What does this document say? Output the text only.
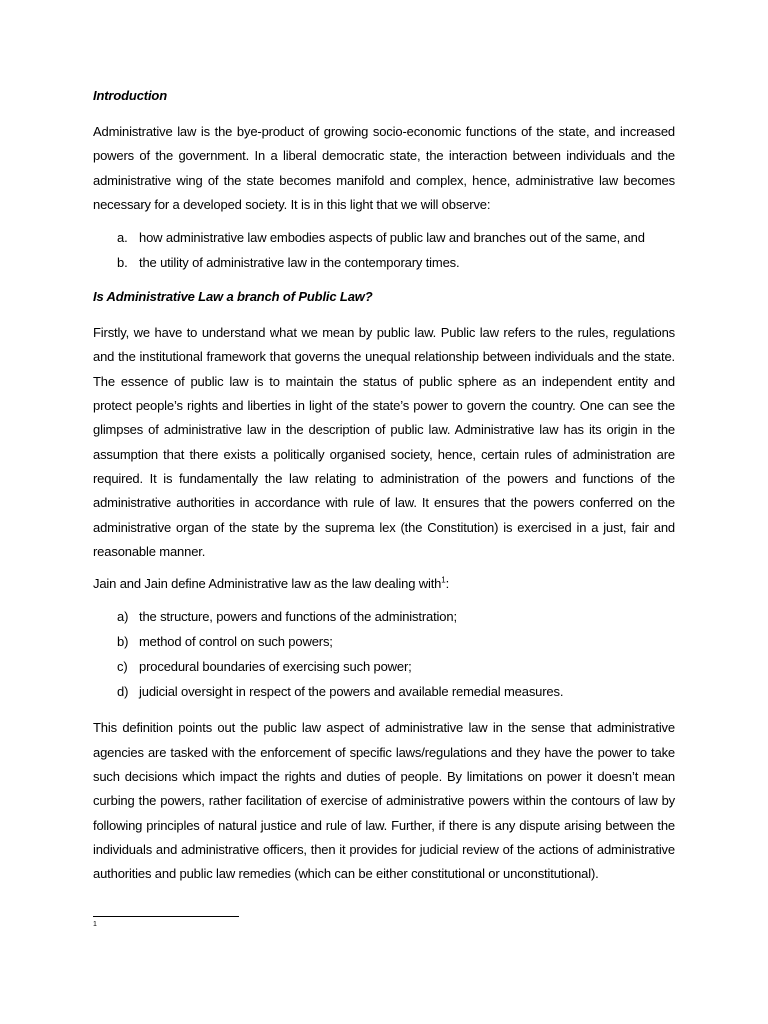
Introduction

Administrative law is the bye-product of growing socio-economic functions of the state, and increased powers of the government. In a liberal democratic state, the interaction between individuals and the administrative wing of the state becomes manifold and complex, hence, administrative law becomes necessary for a developed society. It is in this light that we will observe:

a. how administrative law embodies aspects of public law and branches out of the same, and
b. the utility of administrative law in the contemporary times.
Is Administrative Law a branch of Public Law?

Firstly, we have to understand what we mean by public law. Public law refers to the rules, regulations and the institutional framework that governs the unequal relationship between individuals and the state. The essence of public law is to maintain the status of public sphere as an independent entity and protect people’s rights and liberties in light of the state’s power to govern the country. One can see the glimpses of administrative law in the description of public law. Administrative law has its origin in the assumption that there exists a politically organised society, hence, certain rules of administration are required. It is fundamentally the law relating to administration of the powers and functions of the administrative authorities in accordance with rule of law. It ensures that the powers conferred on the administrative organ of the state by the suprema lex (the Constitution) is exercised in a just, fair and reasonable manner.

Jain and Jain define Administrative law as the law dealing with$^1$:

a) the structure, powers and functions of the administration;
b) method of control on such powers;
c) procedural boundaries of exercising such power;
d) judicial oversight in respect of the powers and available remedial measures.

This definition points out the public law aspect of administrative law in the sense that administrative agencies are tasked with the enforcement of specific laws/regulations and they have the power to take such decisions which impact the rights and duties of people. By limitations on power it doesn’t mean curbing the powers, rather facilitation of exercise of administrative powers within the contours of law by following principles of natural justice and rule of law. Further, if there is any dispute arising between the individuals and administrative officers, then it provides for judicial review of the actions of administrative authorities and public law remedies (which can be either constitutional or unconstitutional).

1
